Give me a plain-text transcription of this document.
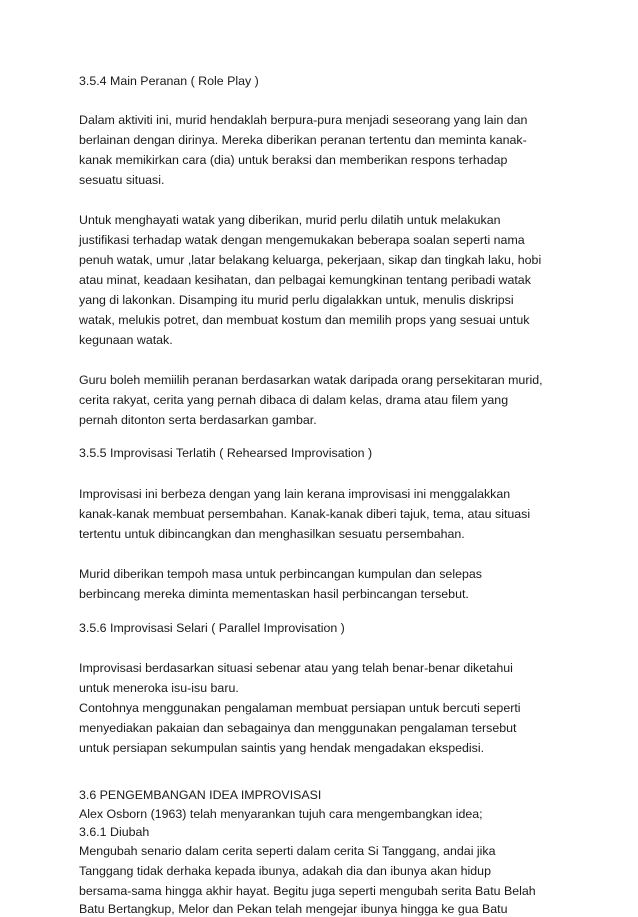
3.5.4 Main Peranan ( Role Play )

Dalam aktiviti ini, murid hendaklah berpura-pura menjadi seseorang yang lain dan

berlainan dengan dirinya. Mereka diberikan peranan tertentu dan meminta kanak-

kanak memikirkan cara (dia) untuk beraksi dan memberikan respons terhadap

sesuatu situasi.

Untuk menghayati watak yang diberikan, murid perlu dilatih untuk melakukan

justifikasi terhadap watak dengan mengemukakan beberapa soalan seperti nama

penuh watak, umur ,latar belakang keluarga, pekerjaan, sikap dan tingkah laku, hobi

atau minat, keadaan kesihatan, dan pelbagai kemungkinan tentang peribadi watak

yang di lakonkan. Disamping itu murid perlu digalakkan untuk, menulis diskripsi

watak, melukis potret, dan membuat kostum dan memilih props yang sesuai untuk

kegunaan watak.

Guru boleh memiilih peranan berdasarkan watak daripada orang persekitaran murid,

cerita rakyat, cerita yang pernah dibaca di dalam kelas, drama atau filem yang

pernah ditonton serta berdasarkan gambar.

3.5.5 Improvisasi Terlatih ( Rehearsed Improvisation )

Improvisasi ini berbeza dengan yang lain kerana improvisasi ini menggalakkan

kanak-kanak membuat persembahan. Kanak-kanak diberi tajuk, tema, atau situasi

tertentu untuk dibincangkan dan menghasilkan sesuatu persembahan.

Murid diberikan tempoh masa untuk perbincangan kumpulan dan selepas

berbincang mereka diminta mementaskan hasil perbincangan tersebut.

3.5.6 Improvisasi Selari ( Parallel Improvisation )

Improvisasi berdasarkan situasi sebenar atau yang telah benar-benar diketahui

untuk meneroka isu-isu baru.

Contohnya menggunakan pengalaman membuat persiapan untuk bercuti seperti

menyediakan pakaian dan sebagainya dan menggunakan pengalaman tersebut

untuk persiapan sekumpulan saintis yang hendak mengadakan ekspedisi.

3.6 PENGEMBANGAN IDEA IMPROVISASI

Alex Osborn (1963) telah menyarankan tujuh cara mengembangkan idea;

3.6.1 Diubah

Mengubah senario dalam cerita seperti dalam cerita Si Tanggang, andai jika

Tanggang tidak derhaka kepada ibunya, adakah dia dan ibunya akan hidup

bersama-sama hingga akhir hayat. Begitu juga seperti mengubah serita Batu Belah

Batu Bertangkup, Melor dan Pekan telah mengejar ibunya hingga ke gua Batu
